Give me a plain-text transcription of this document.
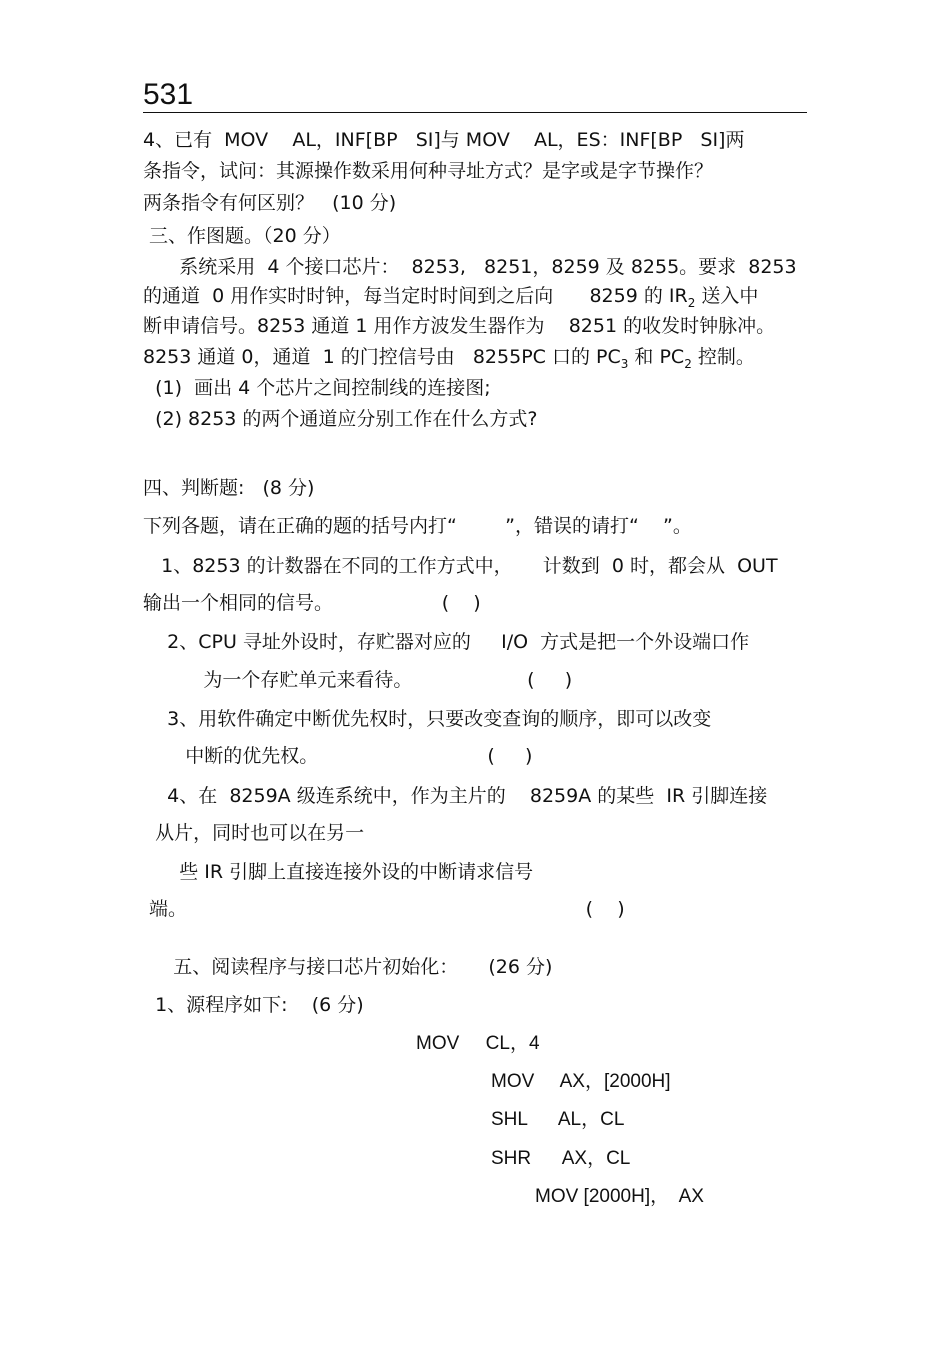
531
4、已有  MOV    AL，INF[BP   SI]与 MOV    AL，ES：INF[BP   SI]两
条指令，试问：其源操作数采用何种寻址方式？是字或是字节操作？
两条指令有何区别？   (10 分)
三、作图题。（20 分）
系统采用  4 个接口芯片：  8253,   8251，8259 及 8255。要求  8253
的通道  0 用作实时时钟，每当定时时间到之后向      8259 的 $IR_2$ 送入中
断申请信号。8253 通道 1 用作方波发生器作为    8251 的收发时钟脉冲。
8253 通道 0，通道  1 的门控信号由   8255PC 口的 $PC_3$ 和 $PC_2$ 控制。
(1)  画出 4 个芯片之间控制线的连接图;
(2) 8253 的两个通道应分别工作在什么方式?
四、判断题:   (8 分)
下列各题，请在正确的题的括号内打“        ”，错误的请打“    ”。
1、8253 的计数器在不同的工作方式中，     计数到  0 时，都会从  OUT
输出一个相同的信号。                  (    )
2、CPU 寻址外设时，存贮器对应的     I/O  方式是把一个外设端口作
为一个存贮单元来看待。                   (     )
3、用软件确定中断优先权时，只要改变查询的顺序，即可以改变
中断的优先权。                            (     )
4、在  8259A 级连系统中，作为主片的    8259A 的某些  IR 引脚连接
从片，同时也可以在另一
些 IR 引脚上直接连接外设的中断请求信号
端。                                                                  (    )
五、阅读程序与接口芯片初始化：     (26 分)
1、源程序如下:    (6 分)
MOV     CL，4
MOV     AX，[2000H]
SHL      AL，CL
SHR      AX，CL
MOV [2000H]，  AX
